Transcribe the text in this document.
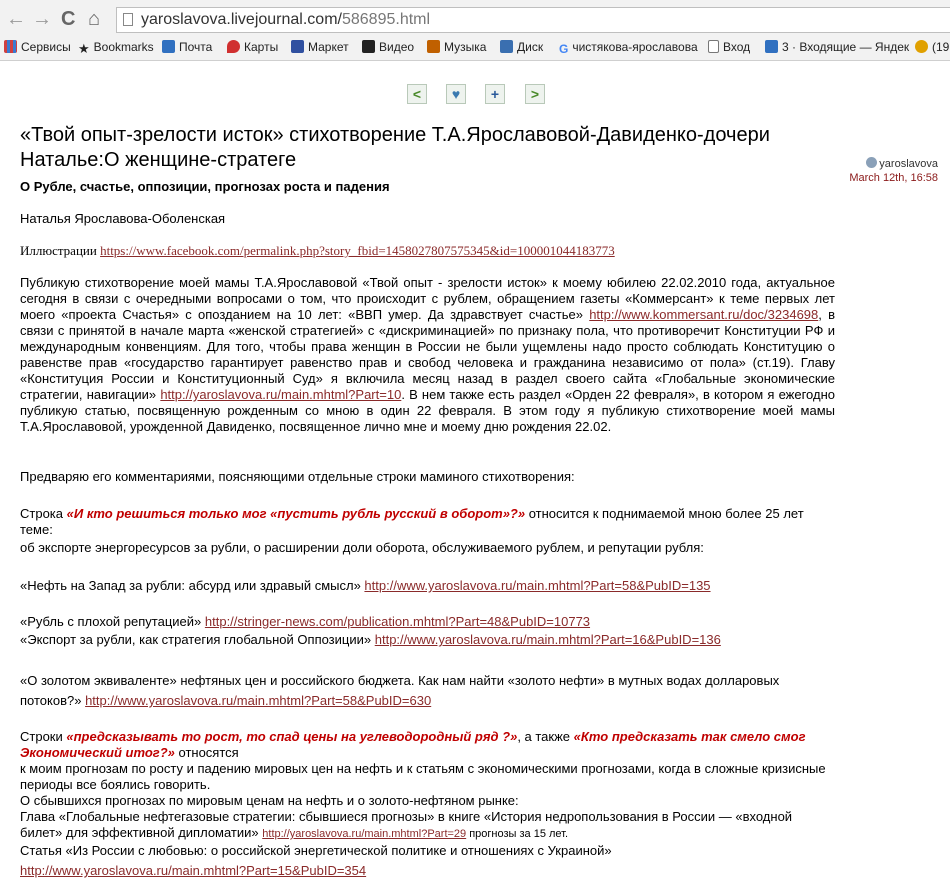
← → C ⌂	yaroslavova.livejournal.com/586895.html
Сервисы ★ Bookmarks	Почта	Карты	Маркет	Видео	Музыка	Диск G чистякова-ярославова	Вход	3 · Входящие — Яндек	(19
<	♥	+	>
«Твой опыт-зрелости исток» стихотворение Т.А.Ярославовой-Давиденко-дочери Наталье:О женщине-стратеге
О Рубле, счастье, оппозиции, прогнозах роста и падения
yaroslavova
March 12th, 16:58
Наталья Ярославова-Оболенская
Иллюстрации https://www.facebook.com/permalink.php?story_fbid=1458027807575345&id=100001044183773
Публикую стихотворение моей мамы Т.А.Ярославовой «Твой опыт - зрелости исток» к моему юбилею 22.02.2010 года, актуальное сегодня в связи с очередными вопросами о том, что происходит с рублем, обращением газеты «Коммерсант» к теме первых лет моего «проекта Счастья» с опозданием на 10 лет: «ВВП умер. Да здравствует счастье» http://www.kommersant.ru/doc/3234698, в связи с принятой в начале марта «женской стратегией» с «дискриминацией» по признаку пола, что противоречит Конституции РФ и международным конвенциям. Для того, чтобы права женщин в России не были ущемлены надо просто соблюдать Конституцию о равенстве прав «государство гарантирует равенство прав и свобод человека и гражданина независимо от пола» (ст.19). Главу «Конституция России и Конституционный Суд» я включила месяц назад в раздел своего сайта «Глобальные экономические стратегии, навигации» http://yaroslavova.ru/main.mhtml?Part=10. В нем также есть раздел «Орден 22 февраля», в котором я ежегодно публикую статью, посвященную рожденным со мною в один 22 февраля. В этом году я публикую стихотворение моей мамы Т.А.Ярославовой, урожденной Давиденко, посвященное лично мне и моему дню рождения 22.02.
Предваряю его комментариями, поясняющими отдельные строки маминого стихотворения:
Строка «И кто решиться только мог «пустить рубль русский в оборот»?» относится к поднимаемой мною более 25 лет теме:
об экспорте энергоресурсов за рубли, о расширении доли оборота, обслуживаемого рублем, и репутации рубля:
«Нефть на Запад за рубли: абсурд или здравый смысл» http://www.yaroslavova.ru/main.mhtml?Part=58&PubID=135
«Рубль с плохой репутацией» http://stringer-news.com/publication.mhtml?Part=48&PubID=10773
«Экспорт за рубли, как стратегия глобальной Оппозиции» http://www.yaroslavova.ru/main.mhtml?Part=16&PubID=136
«О золотом эквиваленте» нефтяных цен и российского бюджета. Как нам найти «золото нефти» в мутных водах долларовых потоков?» http://www.yaroslavova.ru/main.mhtml?Part=58&PubID=630
Строки «предсказывать то рост, то спад цены на углеводородный ряд ?», а также «Кто предсказать так смело смог Экономический итог?» относятся
к моим прогнозам по росту и падению мировых цен на нефть и к статьям с экономическими прогнозами, когда в сложные кризисные периоды все боялись говорить.
О сбывшихся прогнозах по мировым ценам на нефть и о золото-нефтяном рынке:
Глава «Глобальные нефтегазовые стратегии: сбывшиеся прогнозы» в книге «История недропользования в России — «входной билет» для эффективной дипломатии» http://yaroslavova.ru/main.mhtml?Part=29 прогнозы за 15 лет.
Статья «Из России с любовью: о российской энергетической политике и отношениях с Украиной»
http://www.yaroslavova.ru/main.mhtml?Part=15&PubID=354
